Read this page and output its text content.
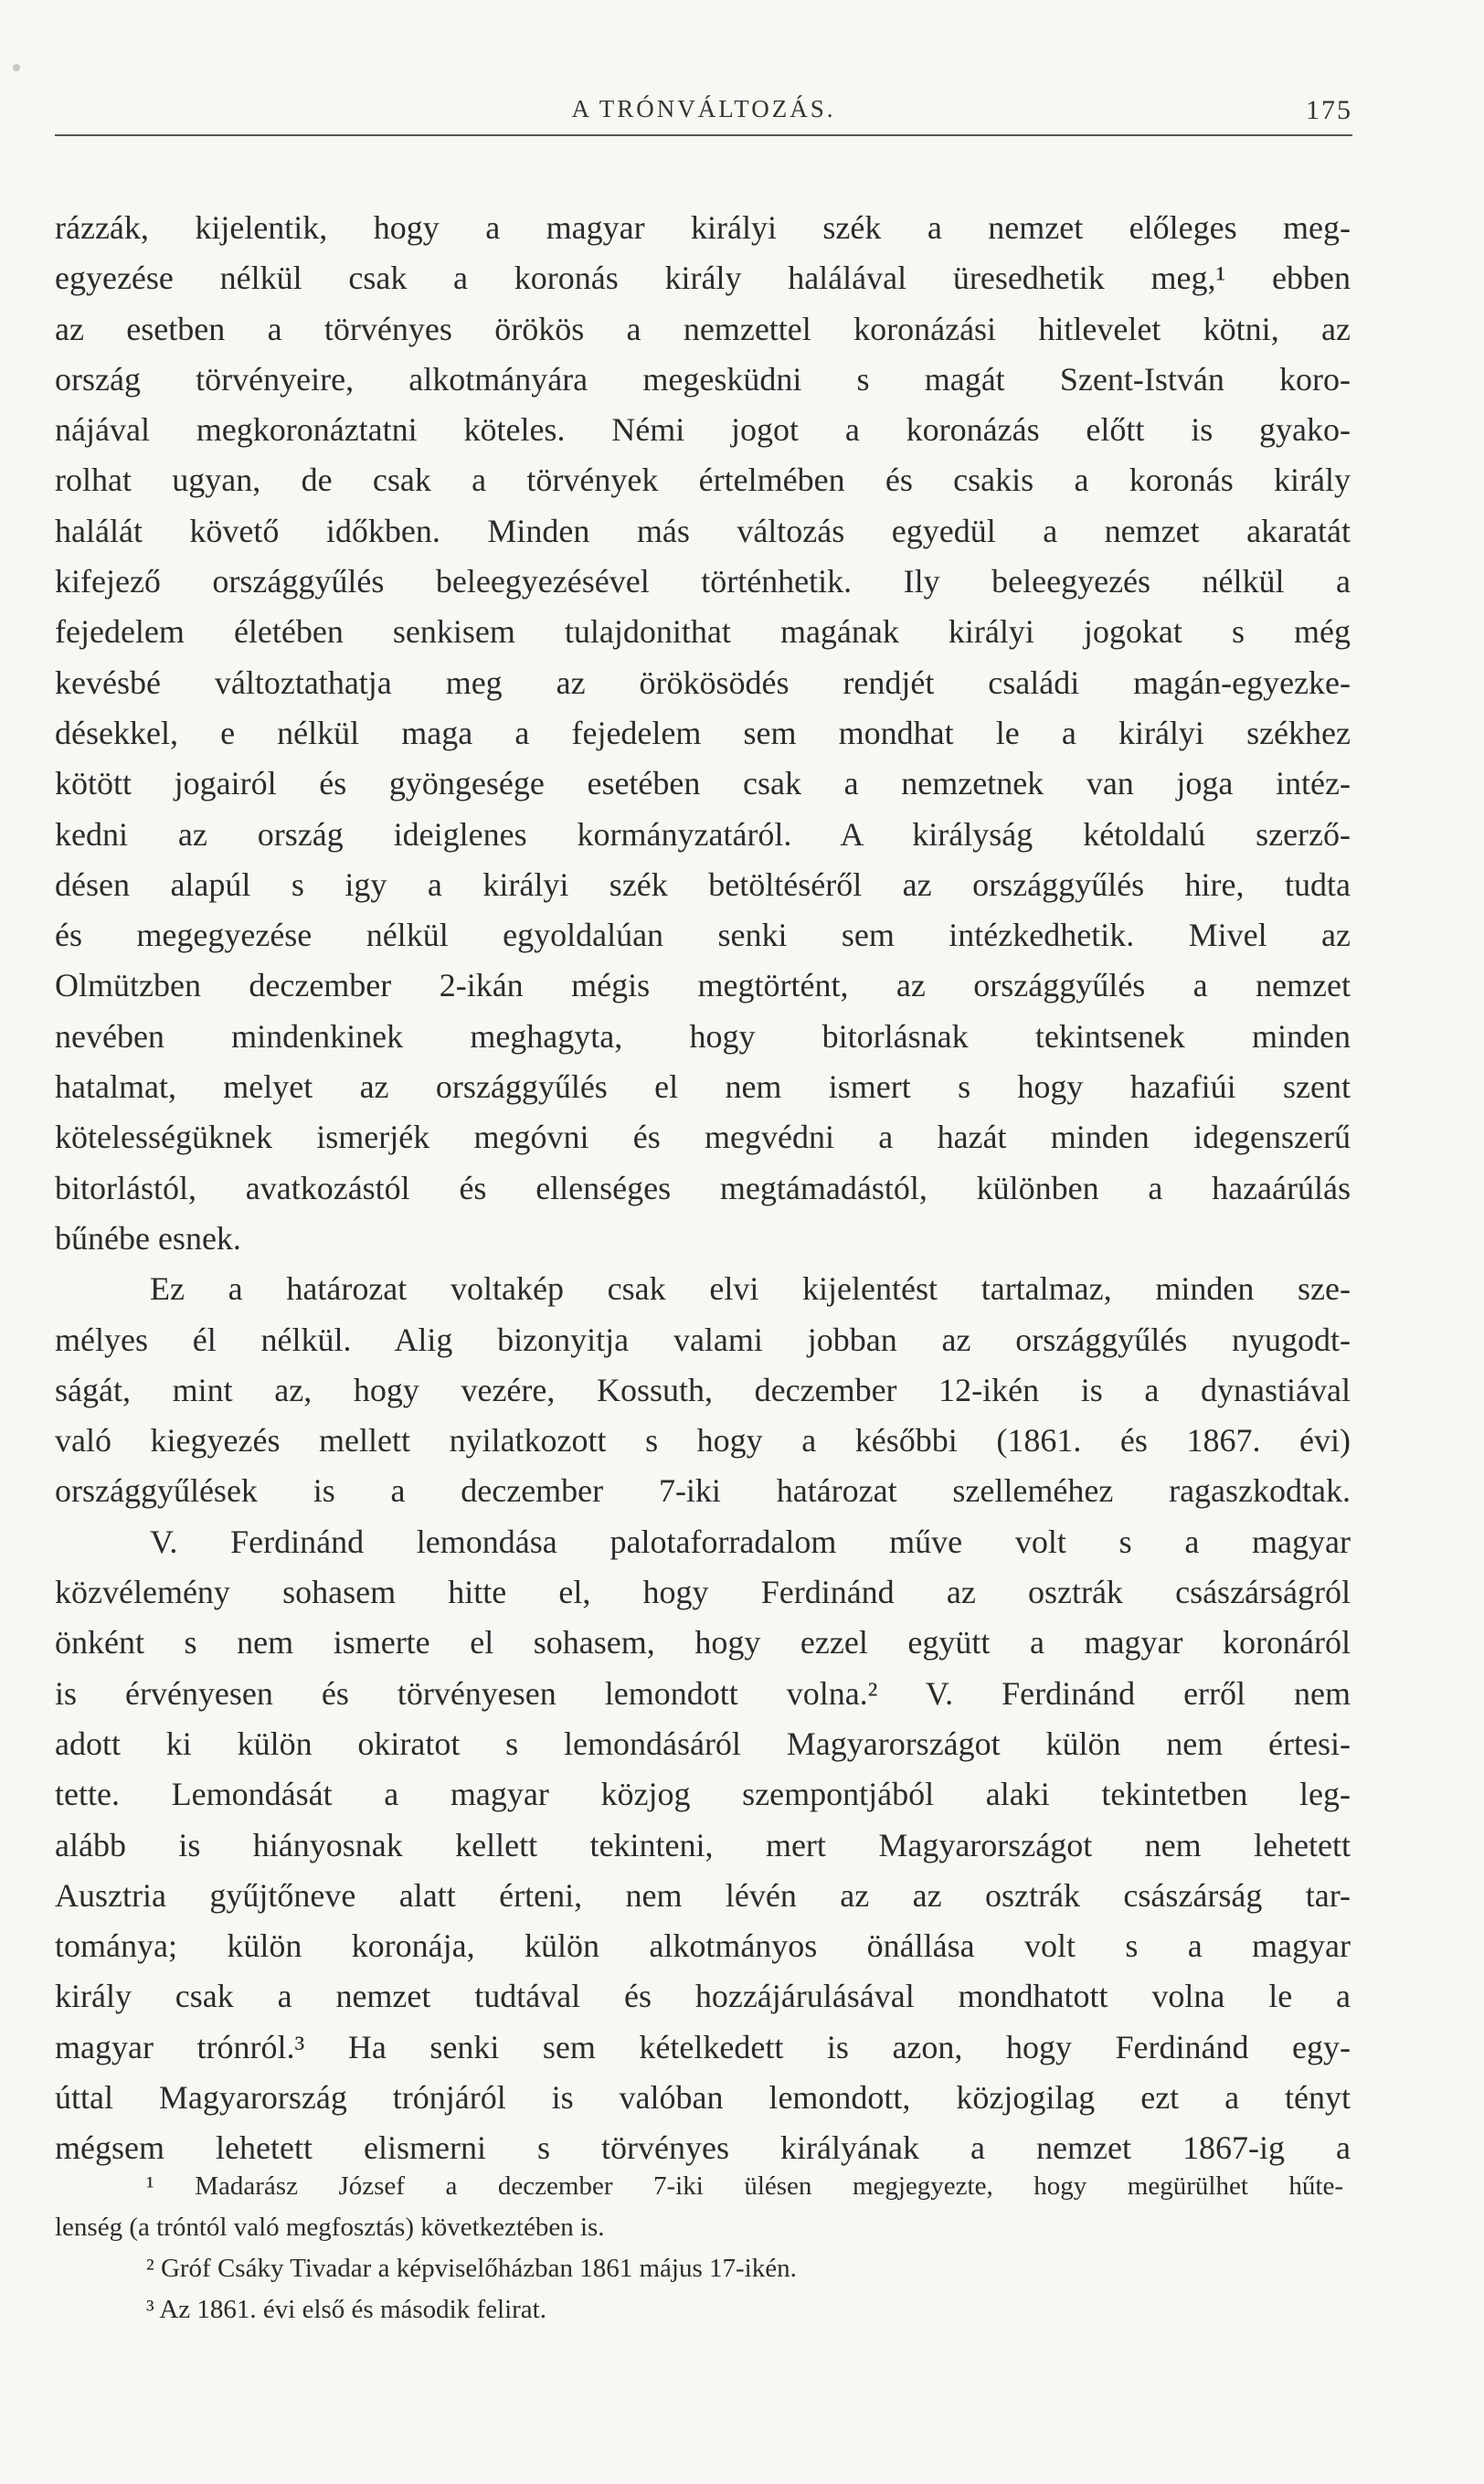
A TRÓNVÁLTOZÁS.	175
rázzák, kijelentik, hogy a magyar királyi szék a nemzet előleges meg-
egyezése nélkül csak a koronás király halálával üresedhetik meg,¹ ebben
az esetben a törvényes örökös a nemzettel koronázási hitlevelet kötni, az
ország törvényeire, alkotmányára megesküdni s magát Szent-István koro-
nájával megkoronáztatni köteles. Némi jogot a koronázás előtt is gyako-
rolhat ugyan, de csak a törvények értelmében és csakis a koronás király
halálát követő időkben. Minden más változás egyedül a nemzet akaratát
kifejező országgyűlés beleegyezésével történhetik. Ily beleegyezés nélkül a
fejedelem életében senkisem tulajdonithat magának királyi jogokat s még
kevésbé változtathatja meg az örökösödés rendjét családi magán-egyezke-
désekkel, e nélkül maga a fejedelem sem mondhat le a királyi székhez
kötött jogairól és gyöngesége esetében csak a nemzetnek van joga intéz-
kedni az ország ideiglenes kormányzatáról. A királyság kétoldalú szerző-
désen alapúl s igy a királyi szék betöltéséről az országgyűlés hire, tudta
és megegyezése nélkül egyoldalúan senki sem intézkedhetik. Mivel az
Olmützben deczember 2-ikán mégis megtörtént, az országgyűlés a nemzet
nevében mindenkinek meghagyta, hogy bitorlásnak tekintsenek minden
hatalmat, melyet az országgyűlés el nem ismert s hogy hazafiúi szent
kötelességüknek ismerjék megóvni és megvédni a hazát minden idegenszerű
bitorlástól, avatkozástól és ellenséges megtámadástól, különben a hazaárúlás
bűnébe esnek.
Ez a határozat voltakép csak elvi kijelentést tartalmaz, minden sze-
mélyes él nélkül. Alig bizonyitja valami jobban az országgyűlés nyugodt-
ságát, mint az, hogy vezére, Kossuth, deczember 12-ikén is a dynastiával
való kiegyezés mellett nyilatkozott s hogy a későbbi (1861. és 1867. évi)
országgyűlések is a deczember 7-iki határozat szelleméhez ragaszkodtak.
V. Ferdinánd lemondása palotaforradalom műve volt s a magyar
közvélemény sohasem hitte el, hogy Ferdinánd az osztrák császárságról
önként s nem ismerte el sohasem, hogy ezzel együtt a magyar koronáról
is érvényesen és törvényesen lemondott volna.² V. Ferdinánd erről nem
adott ki külön okiratot s lemondásáról Magyarországot külön nem értesi-
tette. Lemondását a magyar közjog szempontjából alaki tekintetben leg-
alább is hiányosnak kellett tekinteni, mert Magyarországot nem lehetett
Ausztria gyűjtőneve alatt érteni, nem lévén az az osztrák császárság tar-
tománya; külön koronája, külön alkotmányos önállása volt s a magyar
király csak a nemzet tudtával és hozzájárulásával mondhatott volna le a
magyar trónról.³ Ha senki sem kételkedett is azon, hogy Ferdinánd egy-
úttal Magyarország trónjáról is valóban lemondott, közjogilag ezt a tényt
mégsem lehetett elismerni s törvényes királyának a nemzet 1867-ig a
¹ Madarász József a deczember 7-iki ülésen megjegyezte, hogy megürülhet hűte-
lenség (a tróntól való megfosztás) következtében is.
² Gróf Csáky Tivadar a képviselőházban 1861 május 17-ikén.
³ Az 1861. évi első és második felirat.
